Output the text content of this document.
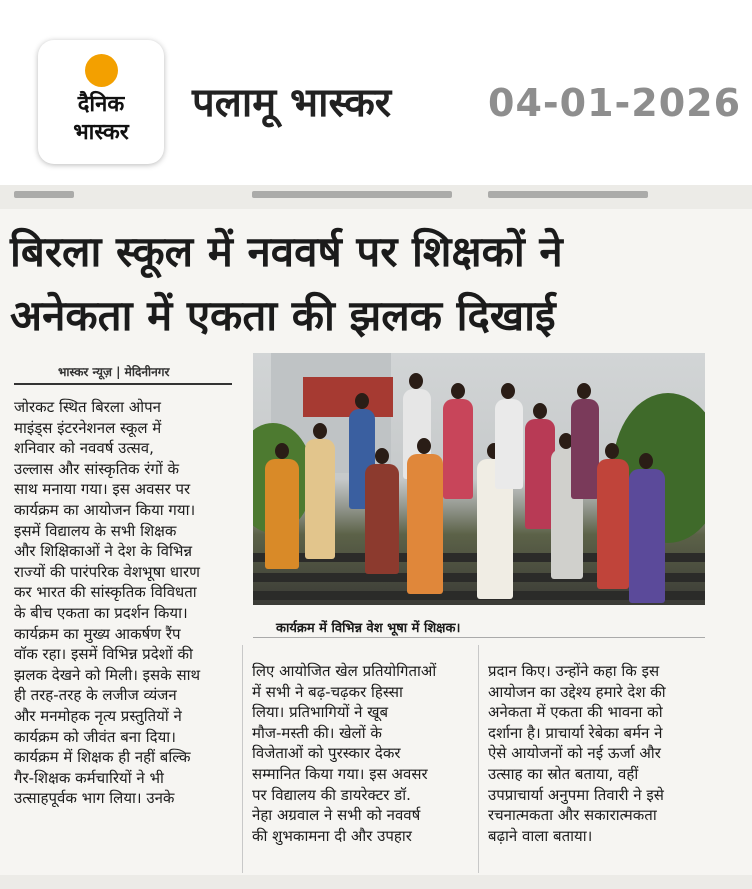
दैनिक
भास्कर
पलामू भास्कर	04-01-2026
बिरला स्कूल में नववर्ष पर शिक्षकों ने
अनेकता में एकता की झलक दिखाई
भास्कर न्यूज़ | मेदिनीनगर
कार्यक्रम में विभिन्न वेश भूषा में शिक्षक।
जोरकट स्थित बिरला ओपन
माइंड्स इंटरनेशनल स्कूल में
शनिवार को नववर्ष उत्सव,
उल्लास और सांस्कृतिक रंगों के
साथ मनाया गया। इस अवसर पर
कार्यक्रम का आयोजन किया गया।
इसमें विद्यालय के सभी शिक्षक
और शिक्षिकाओं ने देश के विभिन्न
राज्यों की पारंपरिक वेशभूषा धारण
कर भारत की सांस्कृतिक विविधता
के बीच एकता का प्रदर्शन किया।
कार्यक्रम का मुख्य आकर्षण रैंप
वॉक रहा। इसमें विभिन्न प्रदेशों की
झलक देखने को मिली। इसके साथ
ही तरह-तरह के लजीज व्यंजन
और मनमोहक नृत्य प्रस्तुतियों ने
कार्यक्रम को जीवंत बना दिया।
कार्यक्रम में शिक्षक ही नहीं बल्कि
गैर-शिक्षक कर्मचारियों ने भी
उत्साहपूर्वक भाग लिया। उनके
लिए आयोजित खेल प्रतियोगिताओं
में सभी ने बढ़-चढ़कर हिस्सा
लिया। प्रतिभागियों ने खूब
मौज-मस्ती की। खेलों के
विजेताओं को पुरस्कार देकर
सम्मानित किया गया। इस अवसर
पर विद्यालय की डायरेक्टर डॉ.
नेहा अग्रवाल ने सभी को नववर्ष
की शुभकामना दी और उपहार
प्रदान किए। उन्होंने कहा कि इस
आयोजन का उद्देश्य हमारे देश की
अनेकता में एकता की भावना को
दर्शाना है। प्राचार्या रेबेका बर्मन ने
ऐसे आयोजनों को नई ऊर्जा और
उत्साह का स्रोत बताया, वहीं
उपप्राचार्या अनुपमा तिवारी ने इसे
रचनात्मकता और सकारात्मकता
बढ़ाने वाला बताया।
